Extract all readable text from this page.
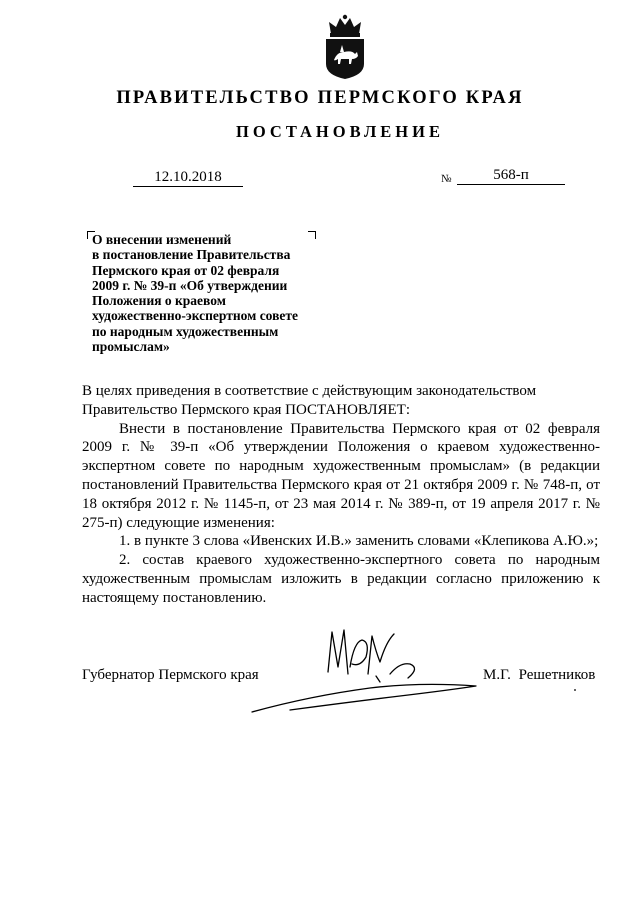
ПРАВИТЕЛЬСТВО ПЕРМСКОГО КРАЯ
ПОСТАНОВЛЕНИЕ
12.10.2018	№	568-п
О внесении изменений
в постановление Правительства
Пермского края от 02 февраля
2009 г. № 39-п «Об утверждении
Положения о краевом
художественно-экспертном совете
по народным художественным
промыслам»

В целях приведения в соответствие с действующим законодательством

Правительство Пермского края ПОСТАНОВЛЯЕТ:

Внести в постановление Правительства Пермского края от 02 февраля 2009 г. № 39-п «Об утверждении Положения о краевом художественно-экспертном совете по народным художественным промыслам» (в редакции постановлений Правительства Пермского края от 21 октября 2009 г. № 748-п, от 18 октября 2012 г. № 1145-п, от 23 мая 2014 г. № 389-п, от 19 апреля 2017 г. № 275-п) следующие изменения:

1. в пункте 3 слова «Ивенских И.В.» заменить словами «Клепикова А.Ю.»;

2. состав краевого художественно-экспертного совета по народным художественным промыслам изложить в редакции согласно приложению к настоящему постановлению.

Губернатор Пермского края	М.Г. Решетников
